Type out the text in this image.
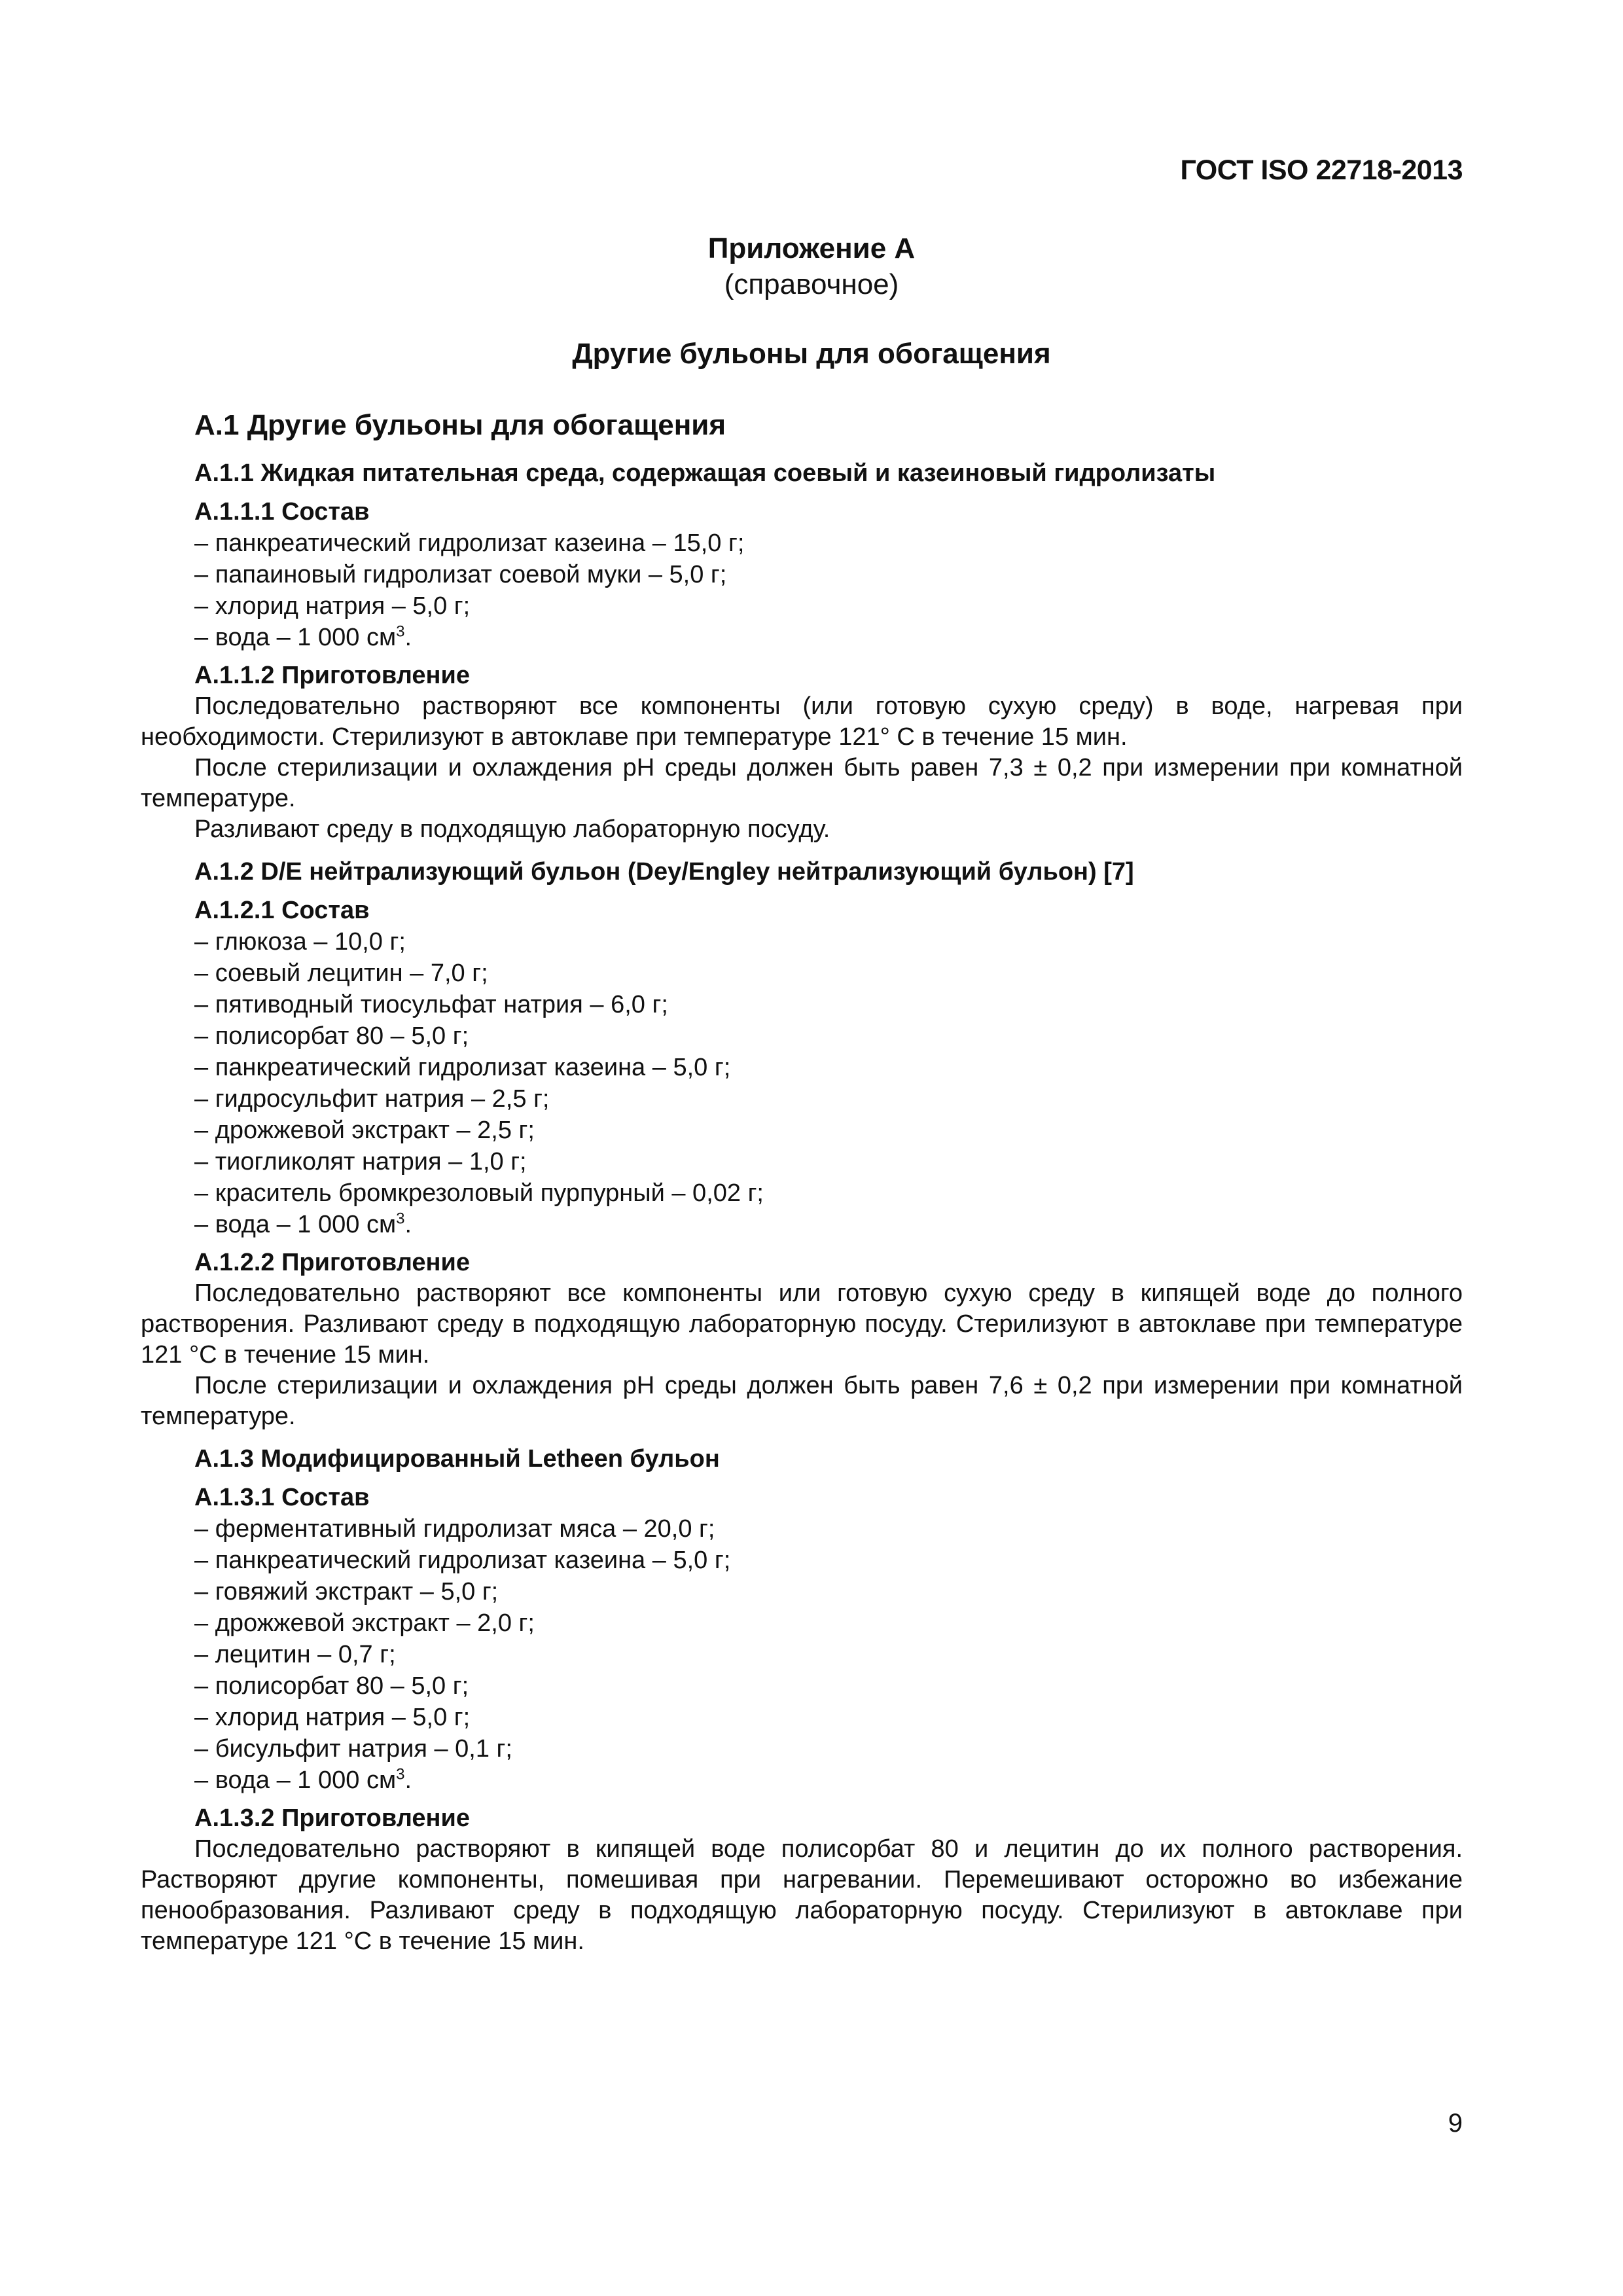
ГОСТ ISO 22718-2013
Приложение А
(справочное)
Другие бульоны для обогащения
А.1 Другие бульоны для обогащения
А.1.1 Жидкая питательная среда, содержащая соевый и казеиновый гидролизаты
А.1.1.1 Состав
– панкреатический гидролизат казеина – 15,0 г;
– папаиновый гидролизат соевой муки – 5,0 г;
– хлорид натрия – 5,0 г;
– вода – 1 000 $см^3$.
А.1.1.2 Приготовление

Последовательно растворяют все компоненты (или готовую сухую среду) в воде, нагревая при необходимости. Стерилизуют в автоклаве при температуре 121° С в течение 15 мин.

После стерилизации и охлаждения рН среды должен быть равен 7,3 ± 0,2 при измерении при комнатной температуре.

Разливают среду в подходящую лабораторную посуду.

А.1.2 D/E нейтрализующий бульон (Dey/Engley нейтрализующий бульон) [7]
А.1.2.1 Состав
– глюкоза – 10,0 г;
– соевый лецитин – 7,0 г;
– пятиводный тиосульфат натрия – 6,0 г;
– полисорбат 80 – 5,0 г;
– панкреатический гидролизат казеина – 5,0 г;
– гидросульфит натрия – 2,5 г;
– дрожжевой экстракт – 2,5 г;
– тиогликолят натрия – 1,0 г;
– краситель бромкрезоловый пурпурный – 0,02 г;
– вода – 1 000 $см^3$.
А.1.2.2 Приготовление

Последовательно растворяют все компоненты или готовую сухую среду в кипящей воде до полного растворения. Разливают среду в подходящую лабораторную посуду. Стерилизуют в автоклаве при температуре 121 °С в течение 15 мин.

После стерилизации и охлаждения рН среды должен быть равен 7,6 ± 0,2 при измерении при комнатной температуре.

А.1.3 Модифицированный Letheen бульон
А.1.3.1 Состав
– ферментативный гидролизат мяса – 20,0 г;
– панкреатический гидролизат казеина – 5,0 г;
– говяжий экстракт – 5,0 г;
– дрожжевой экстракт – 2,0 г;
– лецитин – 0,7 г;
– полисорбат 80 – 5,0 г;
– хлорид натрия – 5,0 г;
– бисульфит натрия – 0,1 г;
– вода – 1 000 $см^3$.
А.1.3.2 Приготовление

Последовательно растворяют в кипящей воде полисорбат 80 и лецитин до их полного растворения. Растворяют другие компоненты, помешивая при нагревании. Перемешивают осторожно во избежание пенообразования. Разливают среду в подходящую лабораторную посуду. Стерилизуют в автоклаве при температуре 121 °С в течение 15 мин.

9
